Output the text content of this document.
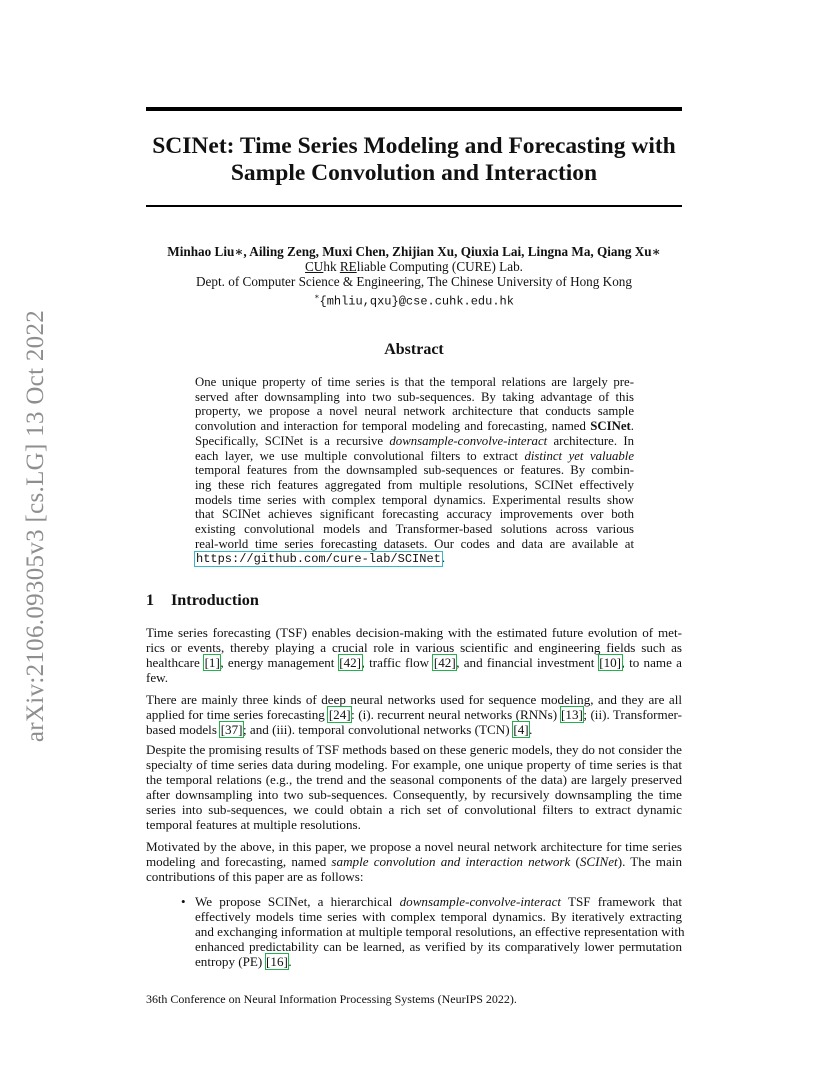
arXiv:2106.09305v3 [cs.LG] 13 Oct 2022
SCINet: Time Series Modeling and Forecasting with
Sample Convolution and Interaction
Minhao Liu∗, Ailing Zeng, Muxi Chen, Zhijian Xu, Qiuxia Lai, Lingna Ma, Qiang Xu∗
CUhk REliable Computing (CURE) Lab.
Dept. of Computer Science & Engineering, The Chinese University of Hong Kong
∗{mhliu,qxu}@cse.cuhk.edu.hk
Abstract
One unique property of time series is that the temporal relations are largely pre-
served after downsampling into two sub-sequences. By taking advantage of this
property, we propose a novel neural network architecture that conducts sample
convolution and interaction for temporal modeling and forecasting, named SCINet.
Specifically, SCINet is a recursive downsample-convolve-interact architecture. In
each layer, we use multiple convolutional filters to extract distinct yet valuable
temporal features from the downsampled sub-sequences or features. By combin-
ing these rich features aggregated from multiple resolutions, SCINet effectively
models time series with complex temporal dynamics. Experimental results show
that SCINet achieves significant forecasting accuracy improvements over both
existing convolutional models and Transformer-based solutions across various
real-world time series forecasting datasets. Our codes and data are available at
https://github.com/cure-lab/SCINet.
1 Introduction
Time series forecasting (TSF) enables decision-making with the estimated future evolution of met-
rics or events, thereby playing a crucial role in various scientific and engineering fields such as
healthcare [1], energy management [42], traffic flow [42], and financial investment [10], to name a
few.
There are mainly three kinds of deep neural networks used for sequence modeling, and they are all
applied for time series forecasting [24]: (i). recurrent neural networks (RNNs) [13]; (ii). Transformer-
based models [37]; and (iii). temporal convolutional networks (TCN) [4].
Despite the promising results of TSF methods based on these generic models, they do not consider the
specialty of time series data during modeling. For example, one unique property of time series is that
the temporal relations (e.g., the trend and the seasonal components of the data) are largely preserved
after downsampling into two sub-sequences. Consequently, by recursively downsampling the time
series into sub-sequences, we could obtain a rich set of convolutional filters to extract dynamic
temporal features at multiple resolutions.
Motivated by the above, in this paper, we propose a novel neural network architecture for time series
modeling and forecasting, named sample convolution and interaction network (SCINet). The main
contributions of this paper are as follows:
• We propose SCINet, a hierarchical downsample-convolve-interact TSF framework that
effectively models time series with complex temporal dynamics. By iteratively extracting
and exchanging information at multiple temporal resolutions, an effective representation with
enhanced predictability can be learned, as verified by its comparatively lower permutation
entropy (PE) [16].
36th Conference on Neural Information Processing Systems (NeurIPS 2022).
